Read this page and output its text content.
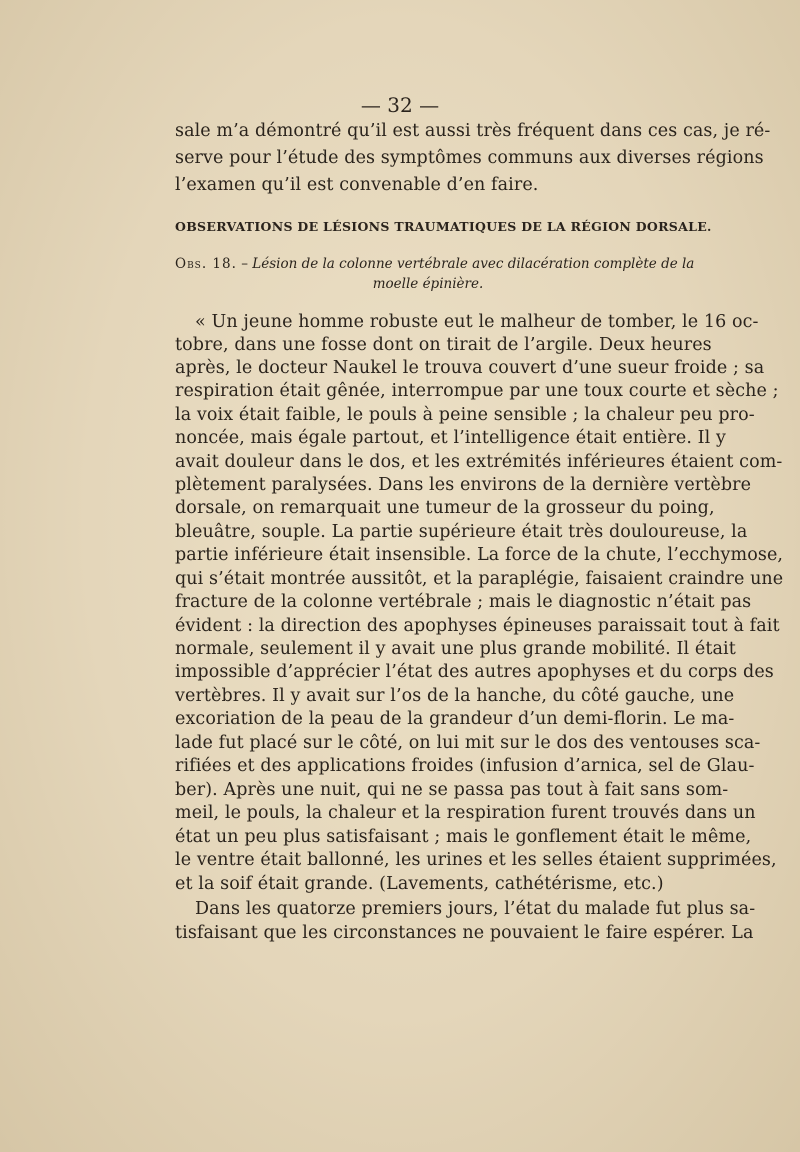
— 32 —
sale m’a démontré qu’il est aussi très fréquent dans ces cas, je ré-
serve pour l’étude des symptômes communs aux diverses régions
l’examen qu’il est convenable d’en faire.
OBSERVATIONS DE LÉSIONS TRAUMATIQUES DE LA RÉGION DORSALE.
Obs. 18. – Lésion de la colonne vertébrale avec dilacération complète de la
moelle épinière.
« Un jeune homme robuste eut le malheur de tomber, le 16 oc-
tobre, dans une fosse dont on tirait de l’argile. Deux heures
après, le docteur Naukel le trouva couvert d’une sueur froide ; sa
respiration était gênée, interrompue par une toux courte et sèche ;
la voix était faible, le pouls à peine sensible ; la chaleur peu pro-
noncée, mais égale partout, et l’intelligence était entière. Il y
avait douleur dans le dos, et les extrémités inférieures étaient com-
plètement paralysées. Dans les environs de la dernière vertèbre
dorsale, on remarquait une tumeur de la grosseur du poing,
bleuâtre, souple. La partie supérieure était très douloureuse, la
partie inférieure était insensible. La force de la chute, l’ecchymose,
qui s’était montrée aussitôt, et la paraplégie, faisaient craindre une
fracture de la colonne vertébrale ; mais le diagnostic n’était pas
évident : la direction des apophyses épineuses paraissait tout à fait
normale, seulement il y avait une plus grande mobilité. Il était
impossible d’apprécier l’état des autres apophyses et du corps des
vertèbres. Il y avait sur l’os de la hanche, du côté gauche, une
excoriation de la peau de la grandeur d’un demi-florin. Le ma-
lade fut placé sur le côté, on lui mit sur le dos des ventouses sca-
rifiées et des applications froides (infusion d’arnica, sel de Glau-
ber). Après une nuit, qui ne se passa pas tout à fait sans som-
meil, le pouls, la chaleur et la respiration furent trouvés dans un
état un peu plus satisfaisant ; mais le gonflement était le même,
le ventre était ballonné, les urines et les selles étaient supprimées,
et la soif était grande. (Lavements, cathétérisme, etc.)
Dans les quatorze premiers jours, l’état du malade fut plus sa-
tisfaisant que les circonstances ne pouvaient le faire espérer. La
